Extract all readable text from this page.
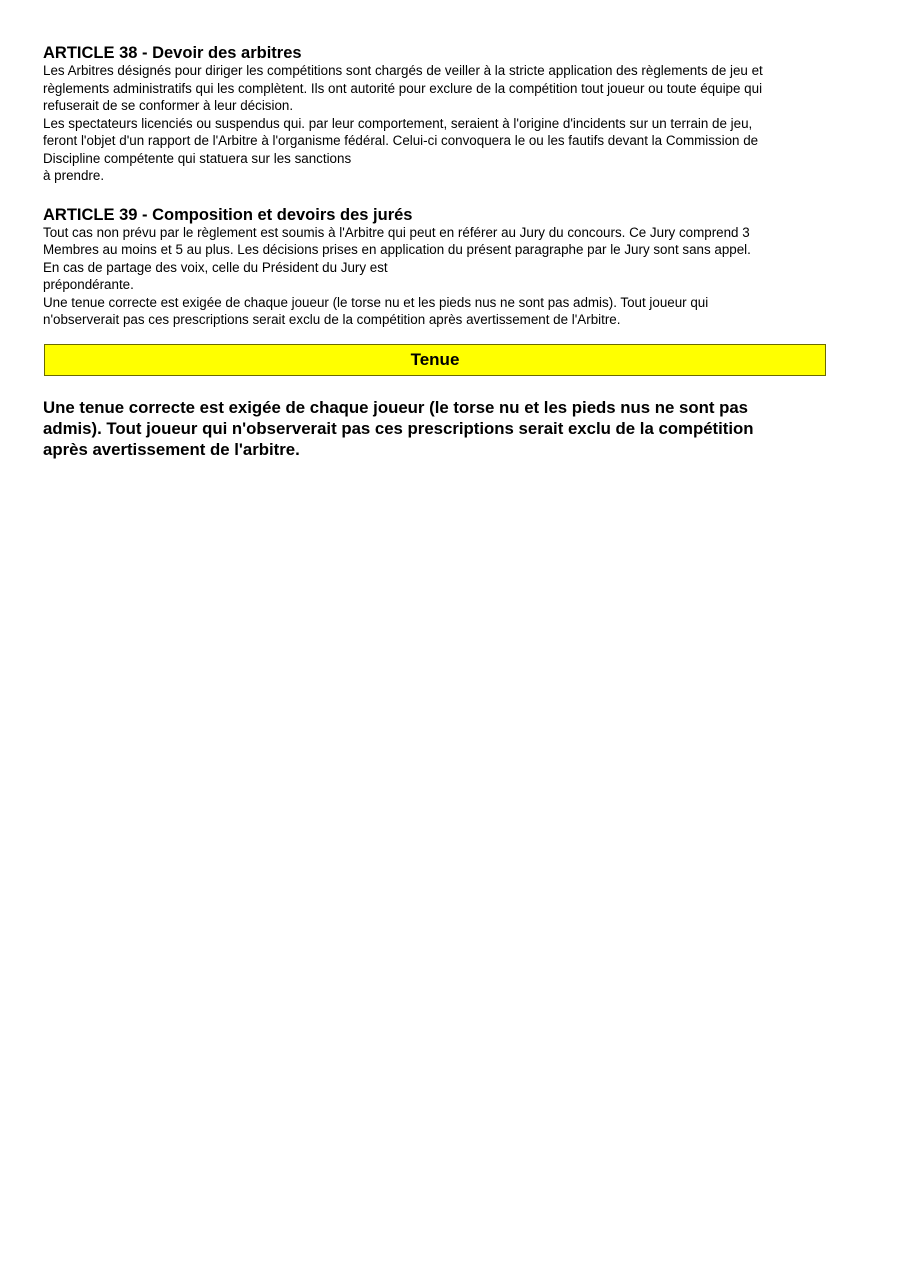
ARTICLE 38 - Devoir des arbitres

Les Arbitres désignés pour diriger les compétitions sont chargés de veiller à la stricte application des règlements de jeu et
règlements administratifs qui les complètent. Ils ont autorité pour exclure de la compétition tout joueur ou toute équipe qui
refuserait de se conformer à leur décision.
Les spectateurs licenciés ou suspendus qui. par leur comportement, seraient à l'origine d'incidents sur un terrain de jeu,
feront l'objet d'un rapport de l'Arbitre à l'organisme fédéral. Celui-ci convoquera le ou les fautifs devant la Commission de
Discipline compétente qui statuera sur les sanctions
à prendre.

ARTICLE 39 - Composition et devoirs des jurés

Tout cas non prévu par le règlement est soumis à l'Arbitre qui peut en référer au Jury du concours. Ce Jury comprend 3
Membres au moins et 5 au plus. Les décisions prises en application du présent paragraphe par le Jury sont sans appel.
En cas de partage des voix, celle du Président du Jury est
prépondérante.
Une tenue correcte est exigée de chaque joueur (le torse nu et les pieds nus ne sont pas admis). Tout joueur qui
n'observerait pas ces prescriptions serait exclu de la compétition après avertissement de l'Arbitre.

Tenue

Une tenue correcte est exigée de chaque joueur (le torse nu et les pieds nus ne sont pas
admis). Tout joueur qui n'observerait pas ces prescriptions serait exclu de la compétition
après avertissement de l'arbitre.
